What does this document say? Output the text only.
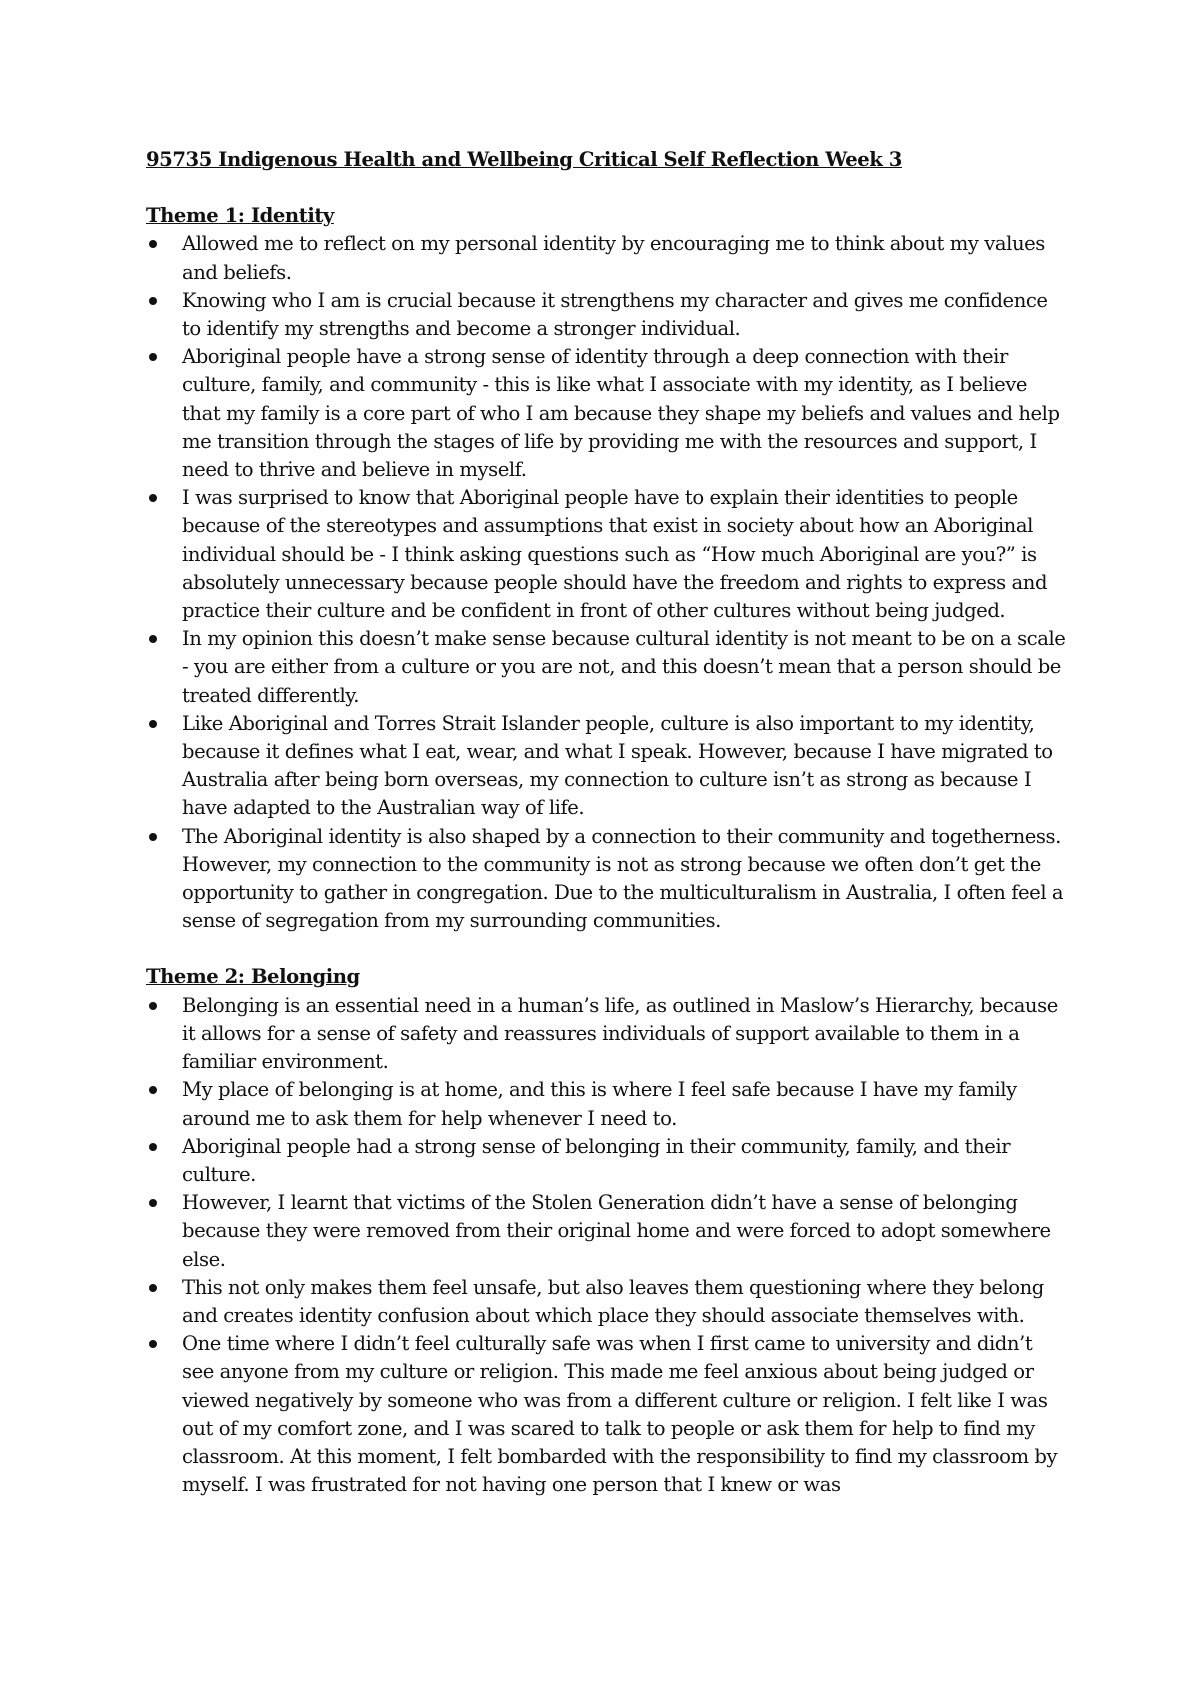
95735 Indigenous Health and Wellbeing Critical Self Reflection Week 3
Theme 1: Identity
Allowed me to reflect on my personal identity by encouraging me to think about my values and beliefs.
Knowing who I am is crucial because it strengthens my character and gives me confidence to identify my strengths and become a stronger individual.
Aboriginal people have a strong sense of identity through a deep connection with their culture, family, and community - this is like what I associate with my identity, as I believe that my family is a core part of who I am because they shape my beliefs and values and help me transition through the stages of life by providing me with the resources and support, I need to thrive and believe in myself.
I was surprised to know that Aboriginal people have to explain their identities to people because of the stereotypes and assumptions that exist in society about how an Aboriginal individual should be - I think asking questions such as “How much Aboriginal are you?” is absolutely unnecessary because people should have the freedom and rights to express and practice their culture and be confident in front of other cultures without being judged.
In my opinion this doesn’t make sense because cultural identity is not meant to be on a scale - you are either from a culture or you are not, and this doesn’t mean that a person should be treated differently.
Like Aboriginal and Torres Strait Islander people, culture is also important to my identity, because it defines what I eat, wear, and what I speak. However, because I have migrated to Australia after being born overseas, my connection to culture isn’t as strong as because I have adapted to the Australian way of life.
The Aboriginal identity is also shaped by a connection to their community and togetherness. However, my connection to the community is not as strong because we often don’t get the opportunity to gather in congregation. Due to the multiculturalism in Australia, I often feel a sense of segregation from my surrounding communities.
Theme 2: Belonging
Belonging is an essential need in a human’s life, as outlined in Maslow’s Hierarchy, because it allows for a sense of safety and reassures individuals of support available to them in a familiar environment.
My place of belonging is at home, and this is where I feel safe because I have my family around me to ask them for help whenever I need to.
Aboriginal people had a strong sense of belonging in their community, family, and their culture.
However, I learnt that victims of the Stolen Generation didn’t have a sense of belonging because they were removed from their original home and were forced to adopt somewhere else.
This not only makes them feel unsafe, but also leaves them questioning where they belong and creates identity confusion about which place they should associate themselves with.
One time where I didn’t feel culturally safe was when I first came to university and didn’t see anyone from my culture or religion. This made me feel anxious about being judged or viewed negatively by someone who was from a different culture or religion. I felt like I was out of my comfort zone, and I was scared to talk to people or ask them for help to find my classroom. At this moment, I felt bombarded with the responsibility to find my classroom by myself. I was frustrated for not having one person that I knew or was
